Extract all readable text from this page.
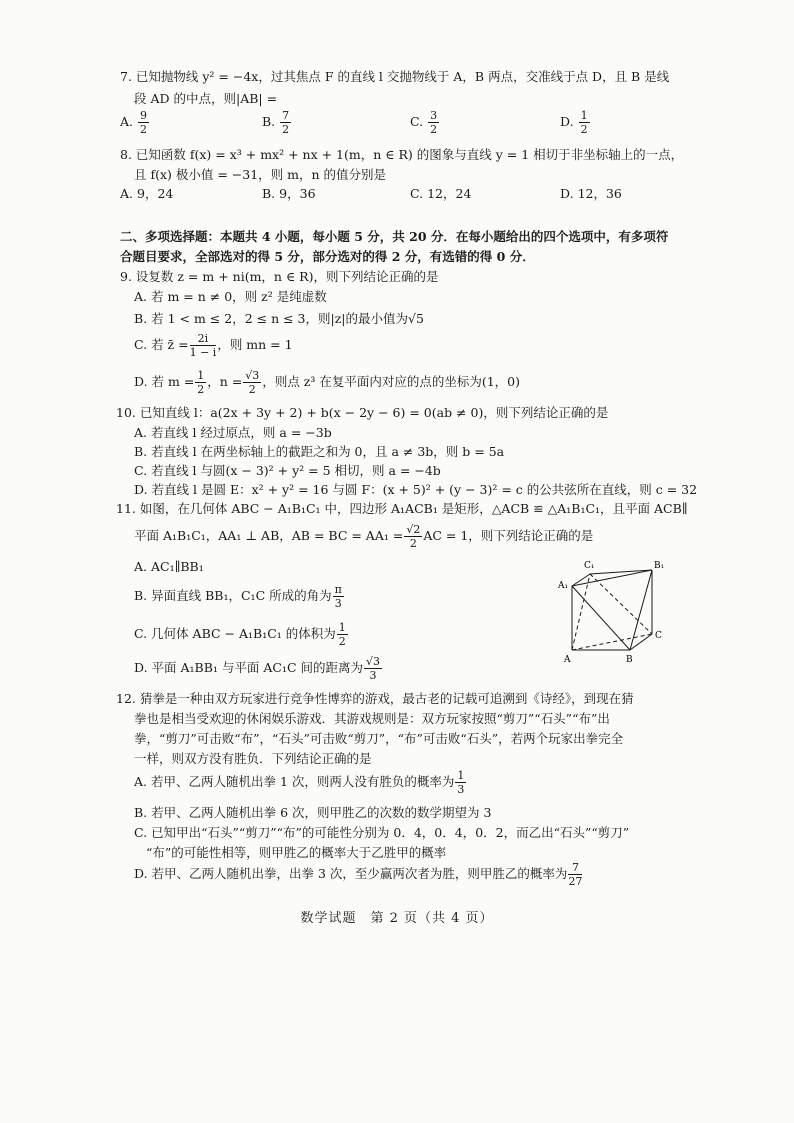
7. 已知抛物线 y² = −4x，过其焦点 F 的直线 l 交抛物线于 A，B 两点，交准线于点 D，且 B 是线
段 AD 的中点，则|AB| =
A. $\frac{9}{2}$	B. $\frac{7}{2}$	C. $\frac{3}{2}$	D. $\frac{1}{2}$
8. 已知函数 f(x) = x³ + mx² + nx + 1(m，n ∈ R) 的图象与直线 y = 1 相切于非坐标轴上的一点，
且 f(x) 极小值 = −31，则 m，n 的值分别是
A. 9，24	B. 9，36	C. 12，24	D. 12，36
二、多项选择题：本题共 4 小题，每小题 5 分，共 20 分．在每小题给出的四个选项中，有多项符
合题目要求，全部选对的得 5 分，部分选对的得 2 分，有选错的得 0 分．
9. 设复数 z = m + ni(m，n ∈ R)，则下列结论正确的是
A. 若 m = n ≠ 0，则 z² 是纯虚数
B. 若 1 < m ≤ 2，2 ≤ n ≤ 3，则|z|的最小值为√5
C. 若 z̄ = $\frac{2i}{1 - i}$ ，则 mn = 1
D. 若 $m = \frac{1}{2}$ ，$n = \frac{√3}{2}$ ，则点 z³ 在复平面内对应的点的坐标为(1，0)
10. 已知直线 l：a(2x + 3y + 2) + b(x − 2y − 6) = 0(ab ≠ 0)，则下列结论正确的是
A. 若直线 l 经过原点，则 a = −3b
B. 若直线 l 在两坐标轴上的截距之和为 0，且 a ≠ 3b，则 b = 5a
C. 若直线 l 与圆(x − 3)² + y² = 5 相切，则 a = −4b
D. 若直线 l 是圆 E：x² + y² = 16 与圆 F：(x + 5)² + (y − 3)² = c 的公共弦所在直线，则 c = 32
11. 如图，在几何体 ABC − A₁B₁C₁ 中，四边形 A₁ACB₁ 是矩形，△ACB ≌ △A₁B₁C₁，且平面 ACB∥
平面 A₁B₁C₁，AA₁ ⊥ AB，AB = BC = $AA_1 = \frac{√2}{2}$ AC = 1，则下列结论正确的是
A. AC₁∥BB₁
B. 异面直线 BB₁，C₁C 所成的角为 $\frac{\pi}{3}$
C. 几何体 ABC − A₁B₁C₁ 的体积为 $\frac{1}{2}$
D. 平面 A₁BB₁ 与平面 AC₁C 间的距离为 $\frac{√3}{3}$
C₁	B₁
A₁
A	B
C
12. 猜拳是一种由双方玩家进行竞争性博弈的游戏，最古老的记载可追溯到《诗经》，到现在猜
拳也是相当受欢迎的休闲娱乐游戏．其游戏规则是：双方玩家按照“剪刀”“石头”“布”出
拳，“剪刀”可击败“布”，“石头”可击败“剪刀”，“布”可击败“石头”，若两个玩家出拳完全
一样，则双方没有胜负．下列结论正确的是
A. 若甲、乙两人随机出拳 1 次，则两人没有胜负的概率为 $\frac{1}{3}$
B. 若甲、乙两人随机出拳 6 次，则甲胜乙的次数的数学期望为 3
C. 已知甲出“石头”“剪刀”“布”的可能性分别为 0．4，0．4，0．2，而乙出“石头”“剪刀”
“布”的可能性相等，则甲胜乙的概率大于乙胜甲的概率
D. 若甲、乙两人随机出拳，出拳 3 次，至少赢两次者为胜，则甲胜乙的概率为 $\frac{7}{27}$
数学试题　第 2 页（共 4 页）
